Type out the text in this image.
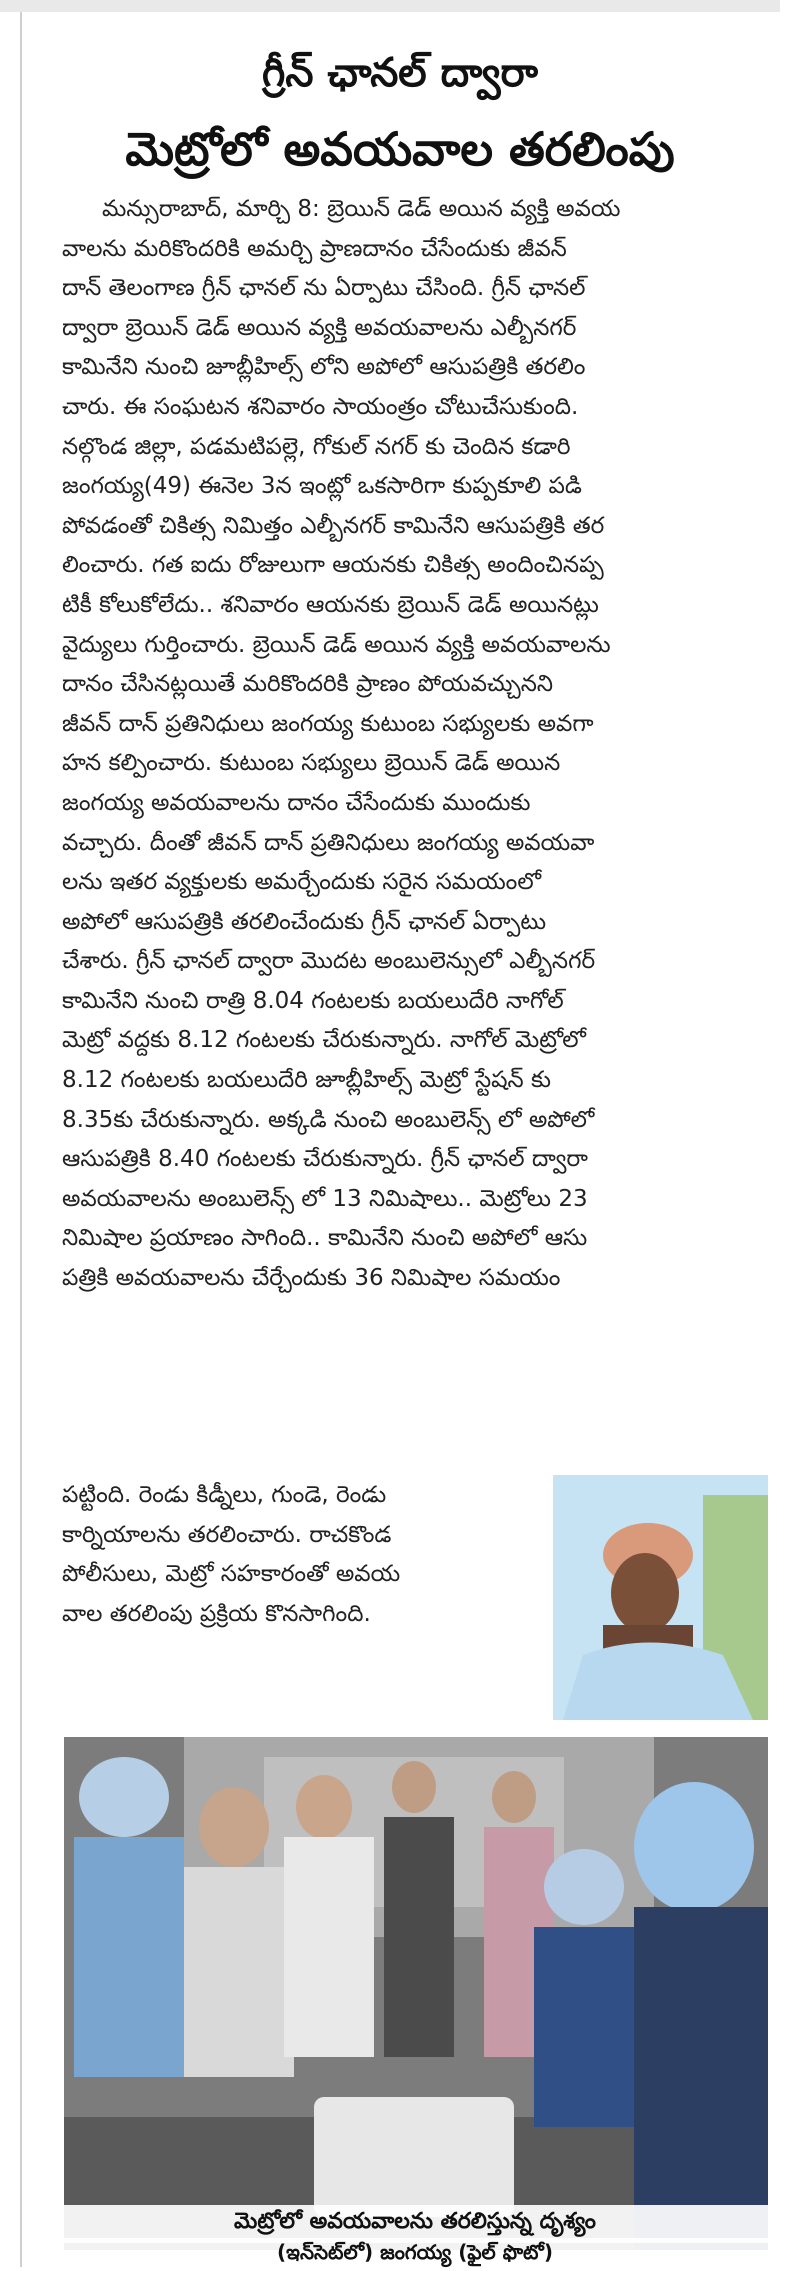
గ్రీన్ ఛానల్ ద్వారా
మెట్రోలో అవయవాల తరలింపు
మన్సురాబాద్, మార్చి 8: బ్రెయిన్ డెడ్ అయిన వ్యక్తి అవయ
వాలను మరికొందరికి అమర్చి ప్రాణదానం చేసేందుకు జీవన్
దాన్ తెలంగాణ గ్రీన్ ఛానల్ ను ఏర్పాటు చేసింది. గ్రీన్ ఛానల్
ద్వారా బ్రెయిన్ డెడ్ అయిన వ్యక్తి అవయవాలను ఎల్బీనగర్
కామినేని నుంచి జూబ్లీహిల్స్ లోని అపోలో ఆసుపత్రికి తరలిం
చారు. ఈ సంఘటన శనివారం సాయంత్రం చోటుచేసుకుంది.
నల్గొండ జిల్లా, పడమటిపల్లె, గోకుల్ నగర్ కు చెందిన కడారి
జంగయ్య(49) ఈనెల 3న ఇంట్లో ఒకసారిగా కుప్పకూలి పడి
పోవడంతో చికిత్స నిమిత్తం ఎల్బీనగర్ కామినేని ఆసుపత్రికి తర
లించారు. గత ఐదు రోజులుగా ఆయనకు చికిత్స అందించినప్ప
టికీ కోలుకోలేదు.. శనివారం ఆయనకు బ్రెయిన్ డెడ్ అయినట్లు
వైద్యులు గుర్తించారు. బ్రెయిన్ డెడ్ అయిన వ్యక్తి అవయవాలను
దానం చేసినట్లయితే మరికొందరికి ప్రాణం పోయవచ్చునని
జీవన్ దాన్ ప్రతినిధులు జంగయ్య కుటుంబ సభ్యులకు అవగా
హన కల్పించారు. కుటుంబ సభ్యులు బ్రెయిన్ డెడ్ అయిన
జంగయ్య అవయవాలను దానం చేసేందుకు ముందుకు
వచ్చారు. దీంతో జీవన్ దాన్ ప్రతినిధులు జంగయ్య అవయవా
లను ఇతర వ్యక్తులకు అమర్చేందుకు సరైన సమయంలో
అపోలో ఆసుపత్రికి తరలించేందుకు గ్రీన్ ఛానల్ ఏర్పాటు
చేశారు. గ్రీన్ ఛానల్ ద్వారా మొదట అంబులెన్సులో ఎల్బీనగర్
కామినేని నుంచి రాత్రి 8.04 గంటలకు బయలుదేరి నాగోల్
మెట్రో వద్దకు 8.12 గంటలకు చేరుకున్నారు. నాగోల్ మెట్రోలో
8.12 గంటలకు బయలుదేరి జూబ్లీహిల్స్ మెట్రో స్టేషన్ కు
8.35కు చేరుకున్నారు. అక్కడి నుంచి అంబులెన్స్ లో అపోలో
ఆసుపత్రికి 8.40 గంటలకు చేరుకున్నారు. గ్రీన్ ఛానల్ ద్వారా
అవయవాలను అంబులెన్స్ లో 13 నిమిషాలు.. మెట్రోలు 23
నిమిషాల ప్రయాణం సాగింది.. కామినేని నుంచి అపోలో ఆసు
పత్రికి అవయవాలను చేర్చేందుకు 36 నిమిషాల సమయం
పట్టింది. రెండు కిడ్నీలు, గుండె, రెండు
కార్నియాలను తరలించారు. రాచకొండ
పోలీసులు, మెట్రో సహకారంతో అవయ
వాల తరలింపు ప్రక్రియ కొనసాగింది.
మెట్రోలో అవయవాలను తరలిస్తున్న దృశ్యం
(ఇన్‌సెట్‌లో) జంగయ్య (ఫైల్ ఫొటో)
